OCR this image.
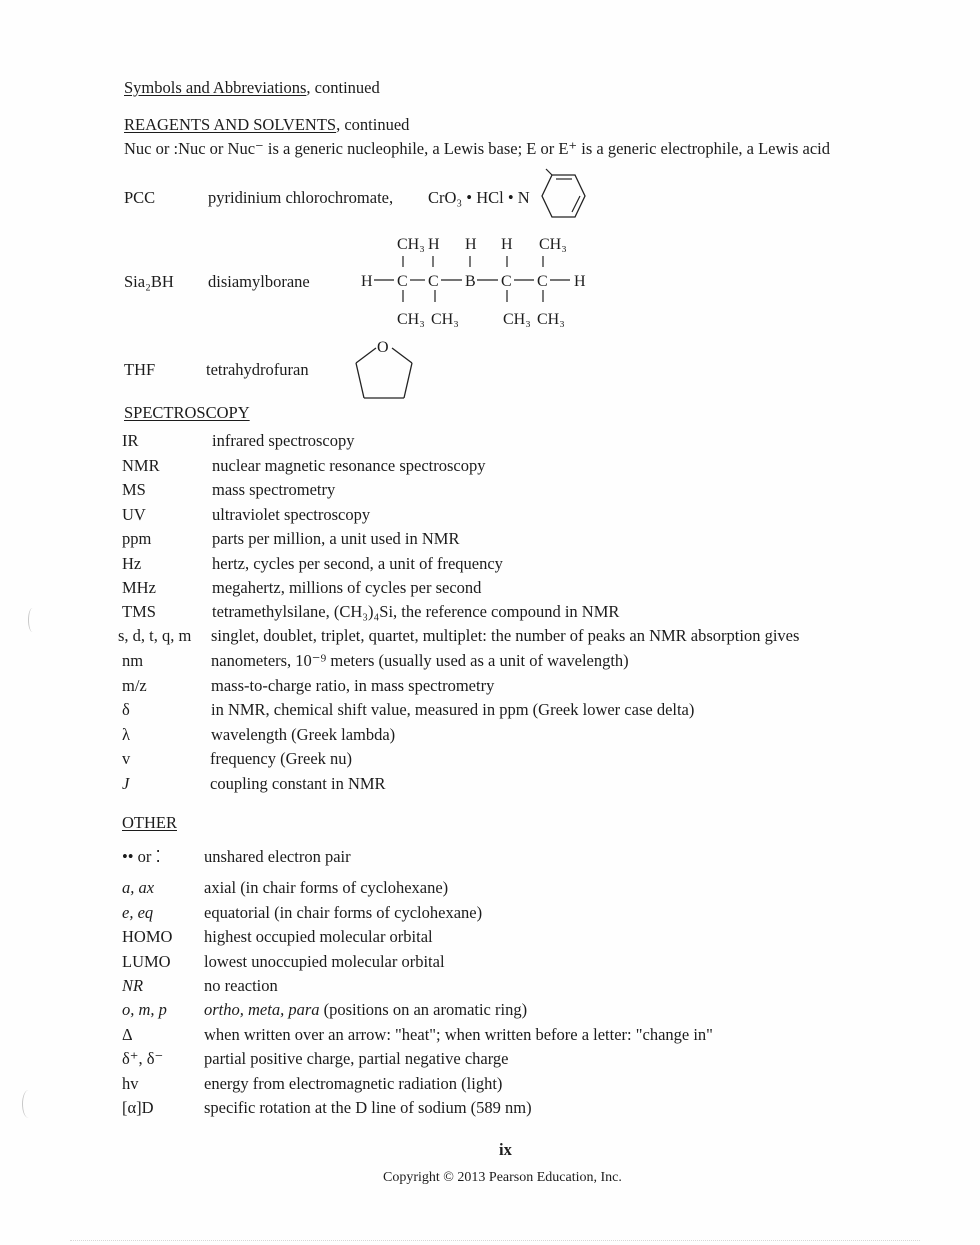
Symbols and Abbreviations, continued
REAGENTS AND SOLVENTS, continued
Nuc or :Nuc or Nuc⁻ is a generic nucleophile, a Lewis base; E or E⁺ is a generic electrophile, a Lewis acid
PCC	pyridinium chlorochromate, CrO₃ • HCl • N
Sia₂BH disiamylborane
CH₃ H H H CH₃
H C C B C C H
CH₃ CH₃	CH₃ CH₃
THF	tetrahydrofuran
O
SPECTROSCOPY
IR	infrared spectroscopy
NMR	nuclear magnetic resonance spectroscopy
MS	mass spectrometry
UV	ultraviolet spectroscopy
ppm	parts per million, a unit used in NMR
Hz	hertz, cycles per second, a unit of frequency
MHz	megahertz, millions of cycles per second
TMS	tetramethylsilane, (CH₃)₄Si, the reference compound in NMR
s, d, t, q, m singlet, doublet, triplet, quartet, multiplet: the number of peaks an NMR absorption gives
nm	nanometers, 10⁻⁹ meters (usually used as a unit of wavelength)
m/z	mass-to-charge ratio, in mass spectrometry
δ	in NMR, chemical shift value, measured in ppm (Greek lower case delta)
λ	wavelength (Greek lambda)
v	frequency (Greek nu)
J	coupling constant in NMR
OTHER
•• or ⁚	unshared electron pair
a, ax	axial (in chair forms of cyclohexane)
e, eq	equatorial (in chair forms of cyclohexane)
HOMO highest occupied molecular orbital
LUMO lowest unoccupied molecular orbital
NR	no reaction
o, m, p ortho, meta, para (positions on an aromatic ring)
Δ	when written over an arrow: "heat"; when written before a letter: "change in"
δ⁺, δ⁻ partial positive charge, partial negative charge
hv	energy from electromagnetic radiation (light)
[α]D	specific rotation at the D line of sodium (589 nm)
ix
Copyright © 2013 Pearson Education, Inc.
